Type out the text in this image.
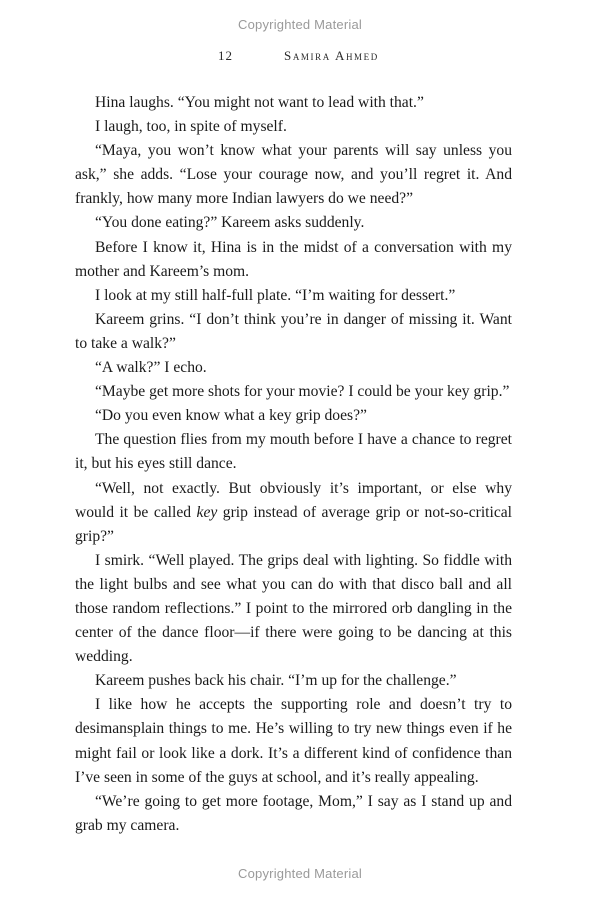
Copyrighted Material
12	Samira Ahmed

Hina laughs. “You might not want to lead with that.”

I laugh, too, in spite of myself.

“Maya, you won’t know what your parents will say unless you ask,” she adds. “Lose your courage now, and you’ll regret it. And frankly, how many more Indian lawyers do we need?”

“You done eating?” Kareem asks suddenly.

Before I know it, Hina is in the midst of a conversation with my mother and Kareem’s mom.

I look at my still half-full plate. “I’m waiting for dessert.”

Kareem grins. “I don’t think you’re in danger of missing it. Want to take a walk?”

“A walk?” I echo.

“Maybe get more shots for your movie? I could be your key grip.”

“Do you even know what a key grip does?”

The question flies from my mouth before I have a chance to regret it, but his eyes still dance.

“Well, not exactly. But obviously it’s important, or else why would it be called key grip instead of average grip or not-so-critical grip?”

I smirk. “Well played. The grips deal with lighting. So fiddle with the light bulbs and see what you can do with that disco ball and all those random reflections.” I point to the mirrored orb dangling in the center of the dance floor—if there were going to be dancing at this wedding.

Kareem pushes back his chair. “I’m up for the challenge.”

I like how he accepts the supporting role and doesn’t try to desimansplain things to me. He’s willing to try new things even if he might fail or look like a dork. It’s a different kind of confidence than I’ve seen in some of the guys at school, and it’s really appealing.

“We’re going to get more footage, Mom,” I say as I stand up and grab my camera.

Copyrighted Material
